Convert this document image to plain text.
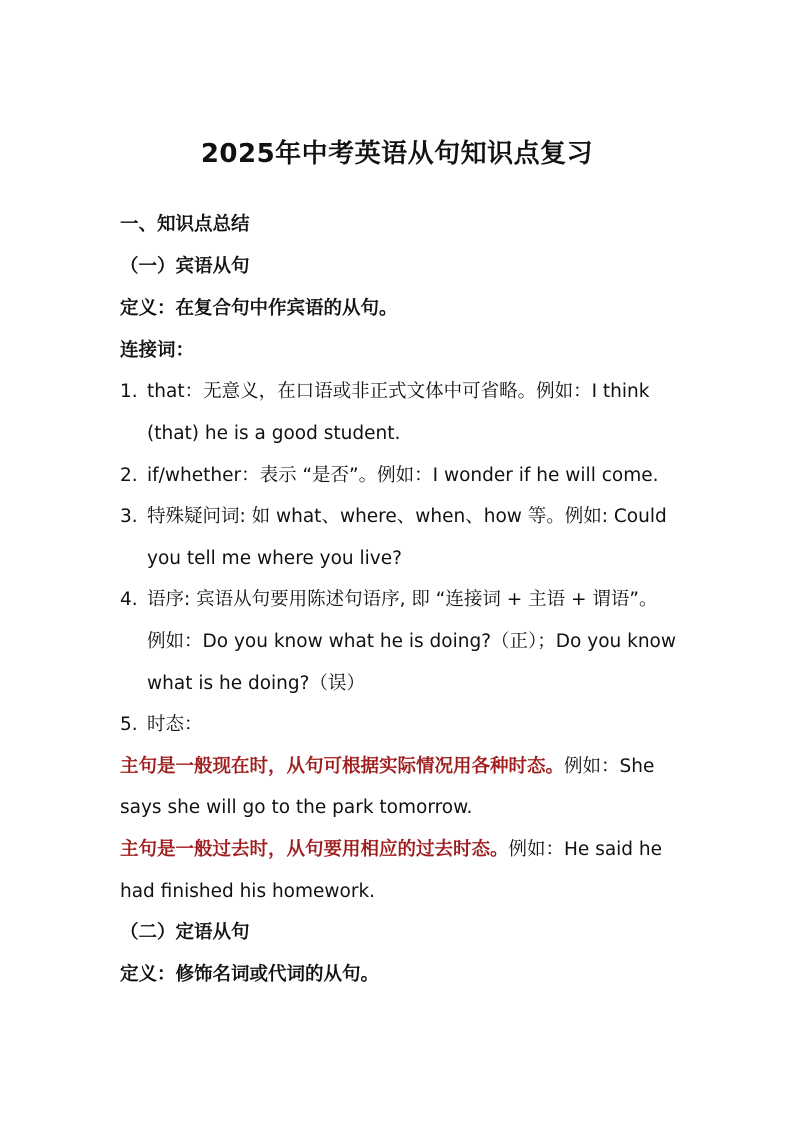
2025年中考英语从句知识点复习
一、知识点总结
（一）宾语从句
定义：在复合句中作宾语的从句。
连接词：
1. that：无意义，在口语或非正式文体中可省略。例如：I think
(that) he is a good student.
2. if/whether：表示 “是否”。例如：I wonder if he will come.
3. 特殊疑问词: 如 what、where、when、how 等。例如: Could
you tell me where you live?
4. 语序: 宾语从句要用陈述句语序, 即 “连接词 + 主语 + 谓语”。
例如：Do you know what he is doing?（正）；Do you know
what is he doing?（误）
5. 时态：
主句是一般现在时，从句可根据实际情况用各种时态。例如：She
says she will go to the park tomorrow.
主句是一般过去时，从句要用相应的过去时态。例如：He said he
had finished his homework.
（二）定语从句
定义：修饰名词或代词的从句。
